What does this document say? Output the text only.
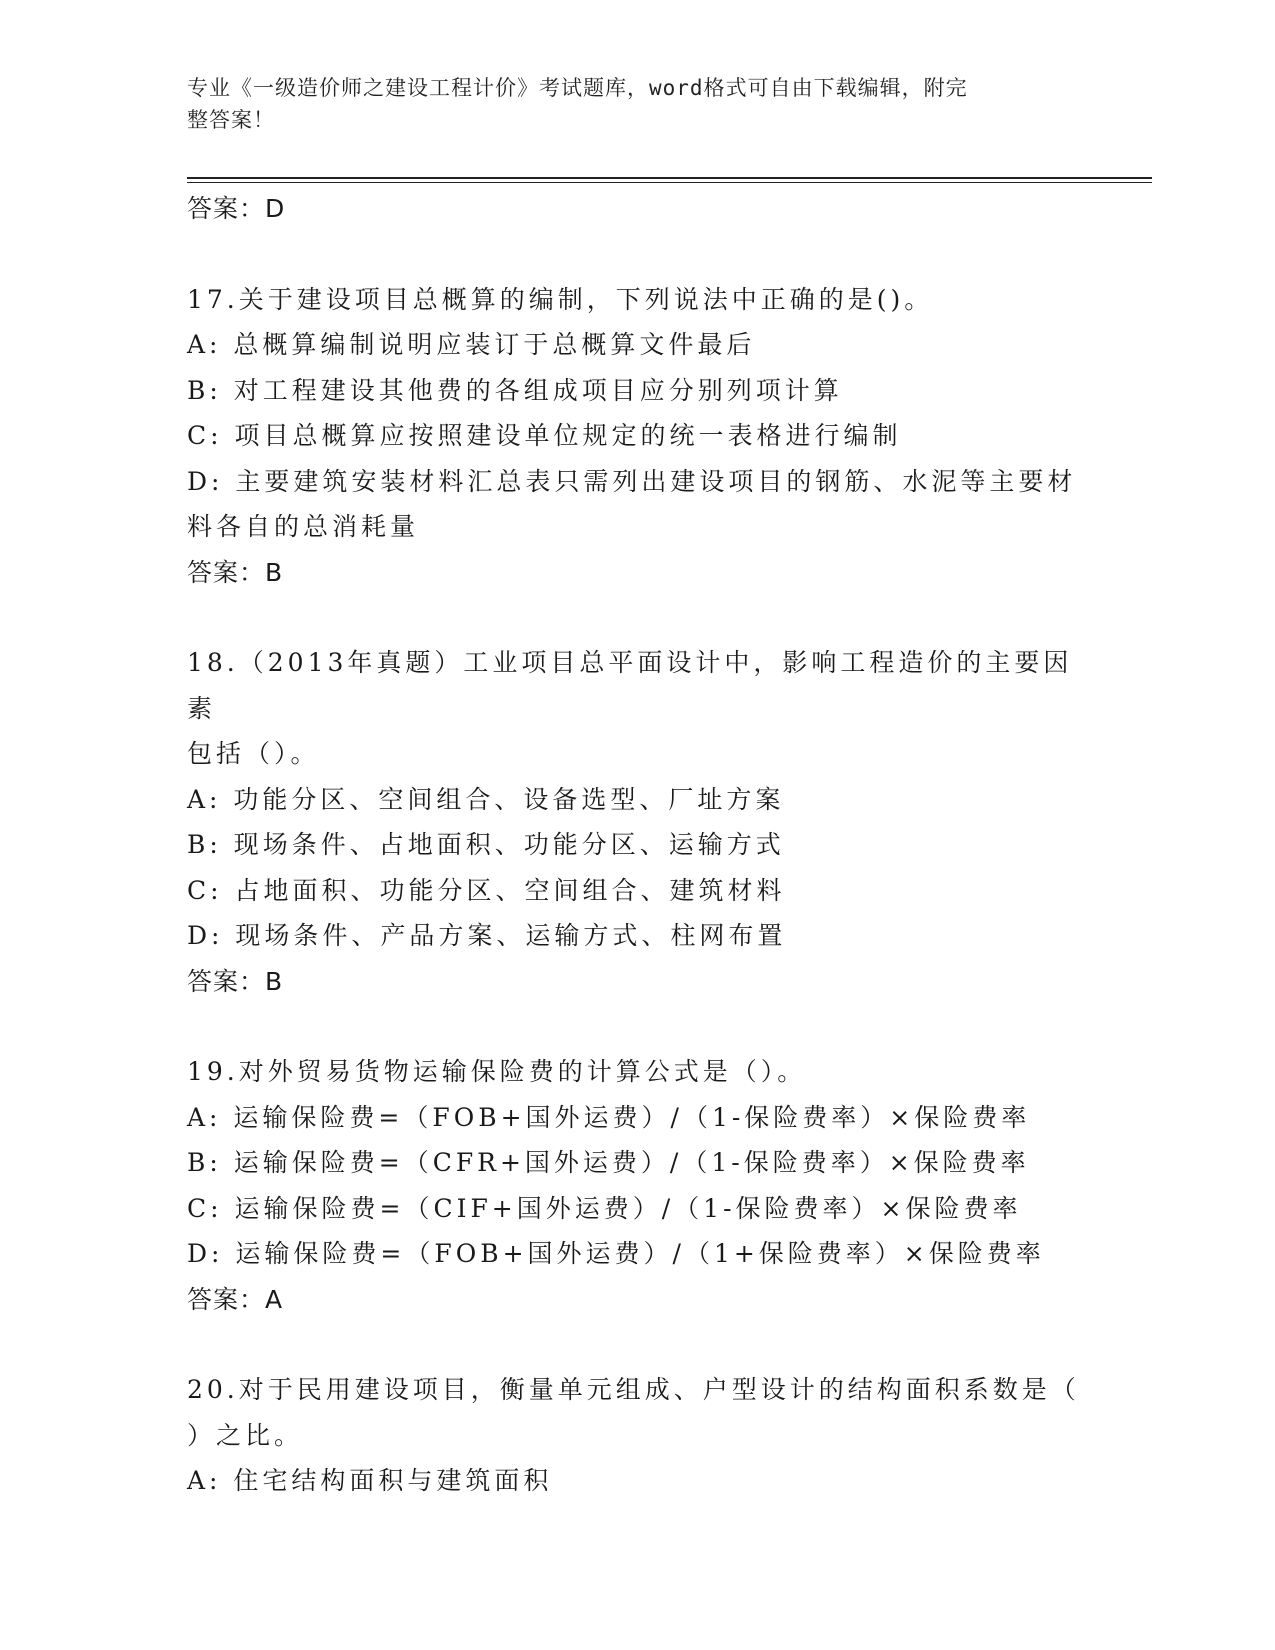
专业《一级造价师之建设工程计价》考试题库，word格式可自由下载编辑，附完
整答案！
答案：D
17.关于建设项目总概算的编制，下列说法中正确的是()。
A: 总概算编制说明应装订于总概算文件最后
B: 对工程建设其他费的各组成项目应分别列项计算
C: 项目总概算应按照建设单位规定的统一表格进行编制
D: 主要建筑安装材料汇总表只需列出建设项目的钢筋、水泥等主要材
料各自的总消耗量
答案：B
18.（2013年真题）工业项目总平面设计中，影响工程造价的主要因素
包括（）。
A: 功能分区、空间组合、设备选型、厂址方案
B: 现场条件、占地面积、功能分区、运输方式
C: 占地面积、功能分区、空间组合、建筑材料
D: 现场条件、产品方案、运输方式、柱网布置
答案：B
19.对外贸易货物运输保险费的计算公式是（）。
A: 运输保险费=（FOB+国外运费）/（1-保险费率）×保险费率
B: 运输保险费=（CFR+国外运费）/（1-保险费率）×保险费率
C: 运输保险费=（CIF+国外运费）/（1-保险费率）×保险费率
D: 运输保险费=（FOB+国外运费）/（1+保险费率）×保险费率
答案：A
20.对于民用建设项目，衡量单元组成、户型设计的结构面积系数是（
）之比。
A: 住宅结构面积与建筑面积
